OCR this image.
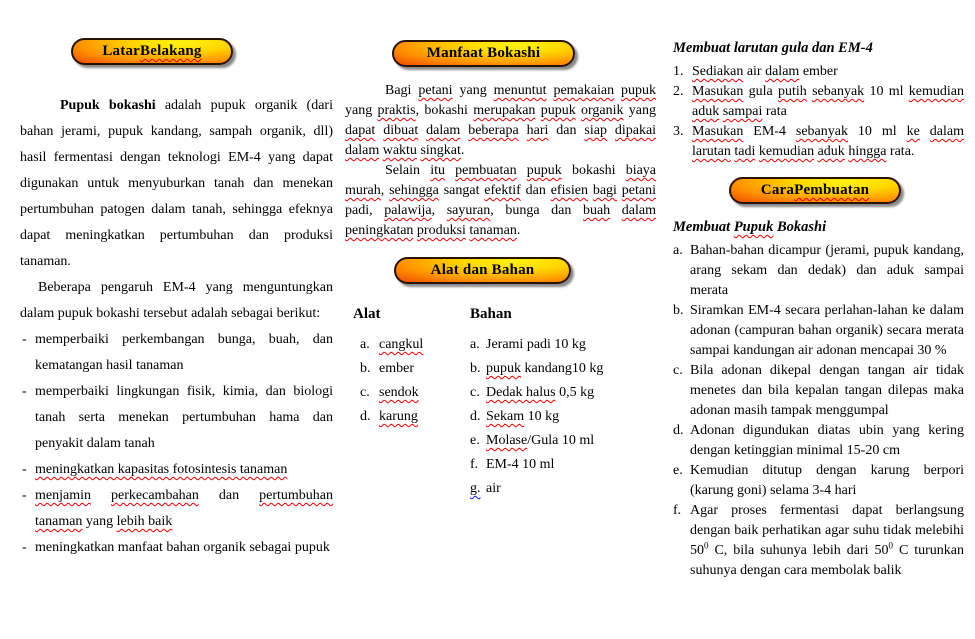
Latar Belakang

Pupuk bokashi adalah pupuk organik (dari bahan jerami, pupuk kandang, sampah organik, dll) hasil fermentasi dengan teknologi EM-4 yang dapat digunakan untuk menyuburkan tanah dan menekan pertumbuhan patogen dalam tanah, sehingga efeknya dapat meningkatkan pertumbuhan dan produksi tanaman.

Beberapa pengaruh EM-4 yang menguntungkan dalam pupuk bokashi tersebut adalah sebagai berikut:

- memperbaiki perkembangan bunga, buah, dan kematangan hasil tanaman
- memperbaiki lingkungan fisik, kimia, dan biologi tanah serta menekan pertumbuhan hama dan penyakit dalam tanah
- meningkatkan kapasitas fotosintesis tanaman
- menjamin perkecambahan dan pertumbuhan tanaman yang lebih baik
- meningkatkan manfaat bahan organik sebagai pupuk
Manfaat Bokashi

Bagi petani yang menuntut pemakaian pupuk yang praktis, bokashi merupakan pupuk organik yang dapat dibuat dalam beberapa hari dan siap dipakai dalam waktu singkat.

Selain itu pembuatan pupuk bokashi biaya murah, sehingga sangat efektif dan efisien bagi petani padi, palawija, sayuran, bunga dan buah dalam peningkatan produksi tanaman.

Alat dan Bahan
Alat
a. cangkul
b. ember
c. sendok
d. karung
Bahan
a. Jerami padi 10 kg
b. pupuk kandang10 kg
c. Dedak halus 0,5 kg
d. Sekam 10 kg
e. Molase/Gula 10 ml
f. EM-4 10 ml
g. air
Membuat larutan gula dan EM-4
1. Sediakan air dalam ember
2. Masukan gula putih sebanyak 10 ml kemudian aduk sampai rata
3. Masukan EM-4 sebanyak 10 ml ke dalam larutan tadi kemudian aduk hingga rata.
Cara Pembuatan
Membuat Pupuk Bokashi
a. Bahan-bahan dicampur (jerami, pupuk kandang, arang sekam dan dedak) dan aduk sampai merata
b. Siramkan EM-4 secara perlahan-lahan ke dalam adonan (campuran bahan organik) secara merata sampai kandungan air adonan mencapai 30 %
c. Bila adonan dikepal dengan tangan air tidak menetes dan bila kepalan tangan dilepas maka adonan masih tampak menggumpal
d. Adonan digundukan diatas ubin yang kering dengan ketinggian minimal 15-20 cm
e. Kemudian ditutup dengan karung berpori (karung goni) selama 3-4 hari
f. Agar proses fermentasi dapat berlangsung dengan baik perhatikan agar suhu tidak melebihi $50^0$ C, bila suhunya lebih dari $50^0$ C turunkan suhunya dengan cara membolak balik
